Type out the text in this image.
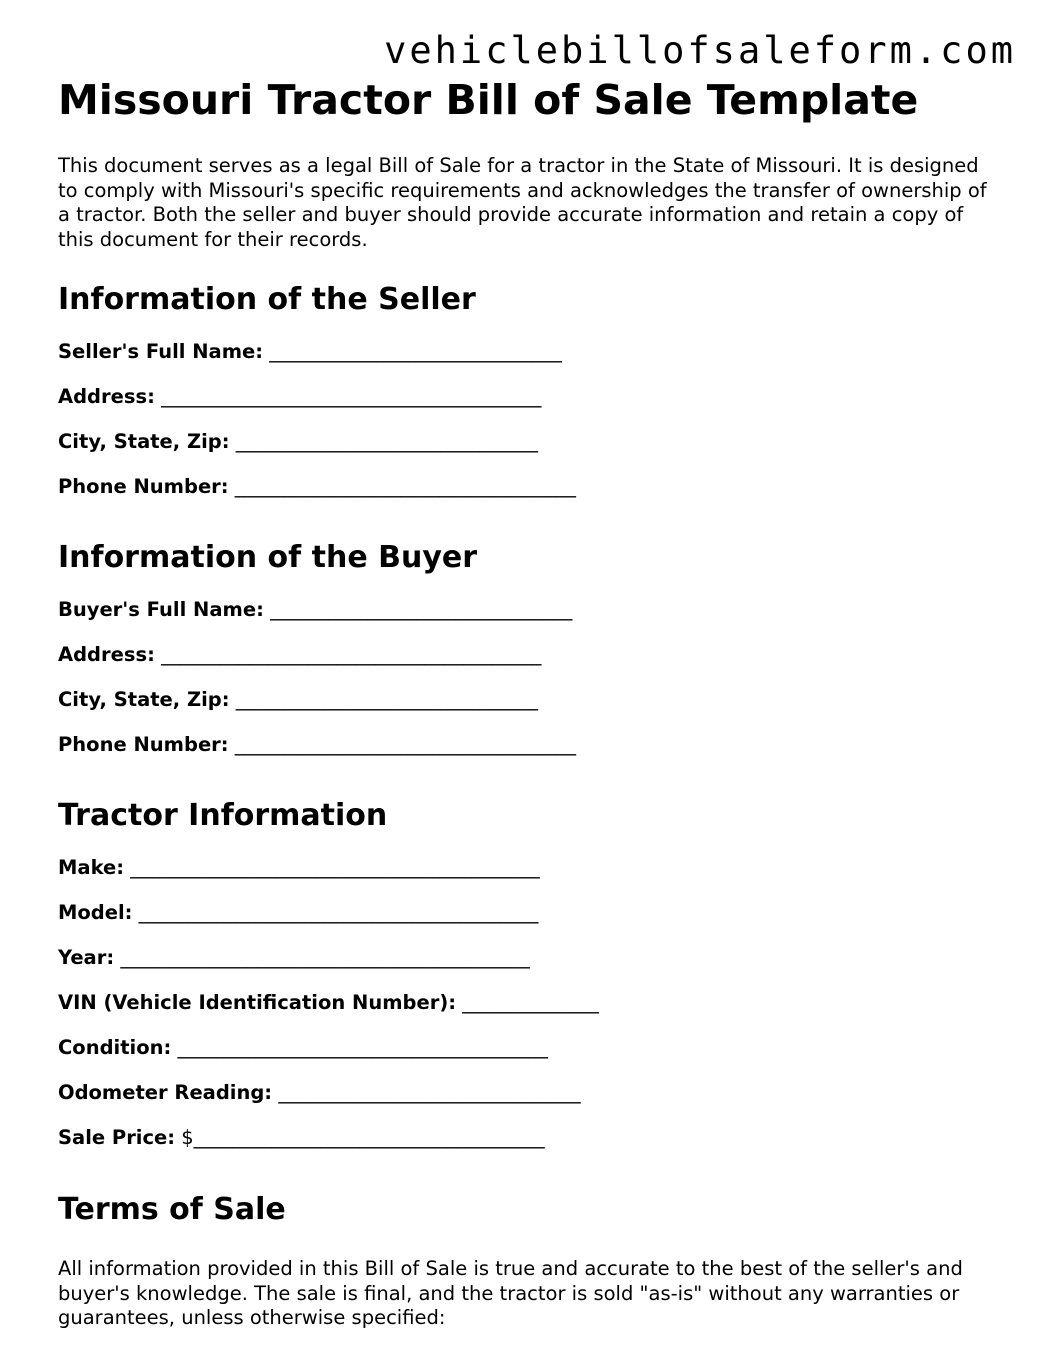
vehiclebillofsaleform.com
Missouri Tractor Bill of Sale Template

This document serves as a legal Bill of Sale for a tractor in the State of Missouri. It is designed to comply with Missouri's specific requirements and acknowledges the transfer of ownership of a tractor. Both the seller and buyer should provide accurate information and retain a copy of this document for their records.

Information of the Seller
Seller's Full Name: ______________________________
Address: _______________________________________
City, State, Zip: _______________________________
Phone Number: ___________________________________
Information of the Buyer
Buyer's Full Name: _______________________________
Address: _______________________________________
City, State, Zip: _______________________________
Phone Number: ___________________________________
Tractor Information
Make: __________________________________________
Model: _________________________________________
Year: __________________________________________
VIN (Vehicle Identification Number): ______________
Condition: ______________________________________
Odometer Reading: _______________________________
Sale Price: $____________________________________
Terms of Sale

All information provided in this Bill of Sale is true and accurate to the best of the seller's and buyer's knowledge. The sale is final, and the tractor is sold "as-is" without any warranties or guarantees, unless otherwise specified:
